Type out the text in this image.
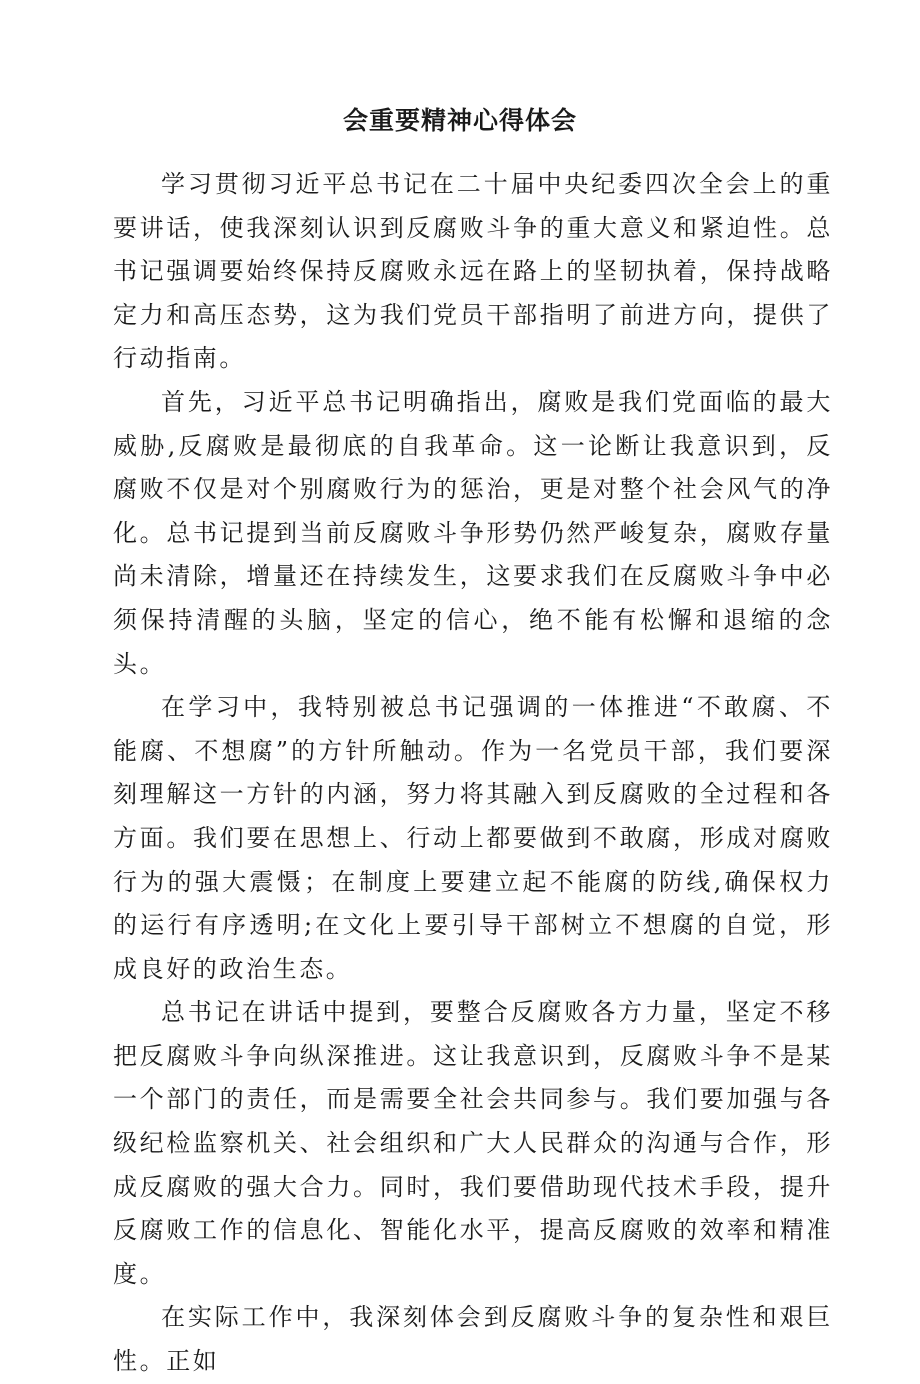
会重要精神心得体会

学习贯彻习近平总书记在二十届中央纪委四次全会上的重要讲话，使我深刻认识到反腐败斗争的重大意义和紧迫性。总书记强调要始终保持反腐败永远在路上的坚韧执着，保持战略定力和高压态势，这为我们党员干部指明了前进方向，提供了行动指南。

首先，习近平总书记明确指出，腐败是我们党面临的最大威胁,反腐败是最彻底的自我革命。这一论断让我意识到，反腐败不仅是对个别腐败行为的惩治，更是对整个社会风气的净化。总书记提到当前反腐败斗争形势仍然严峻复杂，腐败存量尚未清除，增量还在持续发生，这要求我们在反腐败斗争中必须保持清醒的头脑，坚定的信心，绝不能有松懈和退缩的念头。

在学习中，我特别被总书记强调的一体推进“不敢腐、不能腐、不想腐”的方针所触动。作为一名党员干部，我们要深刻理解这一方针的内涵，努力将其融入到反腐败的全过程和各方面。我们要在思想上、行动上都要做到不敢腐，形成对腐败行为的强大震慑；在制度上要建立起不能腐的防线,确保权力的运行有序透明;在文化上要引导干部树立不想腐的自觉，形成良好的政治生态。

总书记在讲话中提到，要整合反腐败各方力量，坚定不移把反腐败斗争向纵深推进。这让我意识到，反腐败斗争不是某一个部门的责任，而是需要全社会共同参与。我们要加强与各级纪检监察机关、社会组织和广大人民群众的沟通与合作，形成反腐败的强大合力。同时，我们要借助现代技术手段，提升反腐败工作的信息化、智能化水平，提高反腐败的效率和精准度。

在实际工作中，我深刻体会到反腐败斗争的复杂性和艰巨性。正如
